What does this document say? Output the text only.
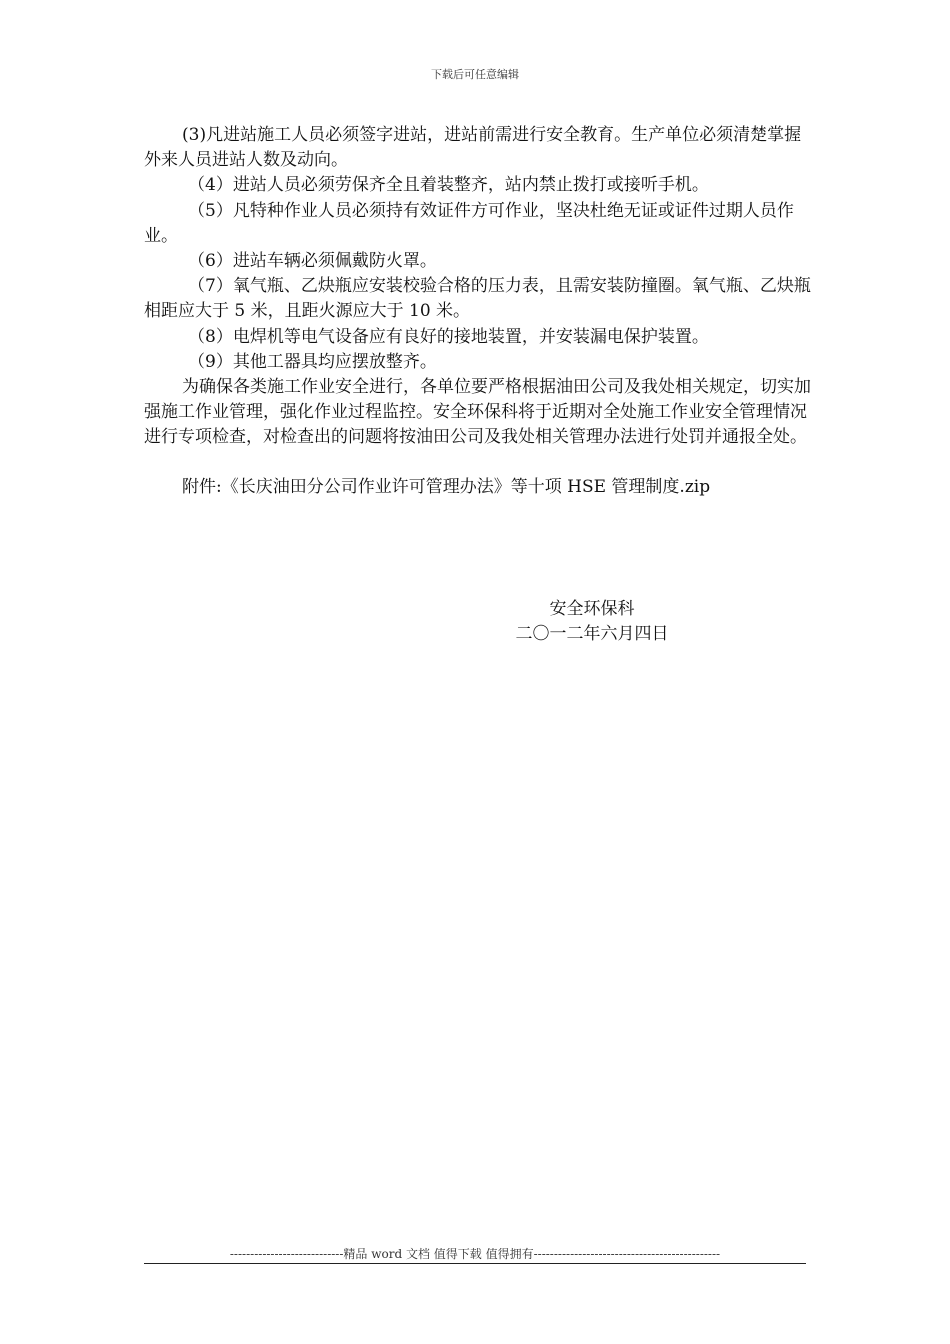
下载后可任意编辑

(3)凡进站施工人员必须签字进站，进站前需进行安全教育。生产单位必须清楚掌握外来人员进站人数及动向。

（4）进站人员必须劳保齐全且着装整齐，站内禁止拨打或接听手机。

（5）凡特种作业人员必须持有效证件方可作业，坚决杜绝无证或证件过期人员作业。

（6）进站车辆必须佩戴防火罩。

（7）氧气瓶、乙炔瓶应安装校验合格的压力表，且需安装防撞圈。氧气瓶、乙炔瓶相距应大于 5 米，且距火源应大于 10 米。

（8）电焊机等电气设备应有良好的接地装置，并安装漏电保护装置。

（9）其他工器具均应摆放整齐。

为确保各类施工作业安全进行，各单位要严格根据油田公司及我处相关规定，切实加强施工作业管理，强化作业过程监控。安全环保科将于近期对全处施工作业安全管理情况进行专项检查，对检查出的问题将按油田公司及我处相关管理办法进行处罚并通报全处。

附件:《长庆油田分公司作业许可管理办法》等十项 HSE 管理制度.zip

安全环保科
二〇一二年六月四日
----------------------------精品 word 文档 值得下载 值得拥有----------------------------------------------
